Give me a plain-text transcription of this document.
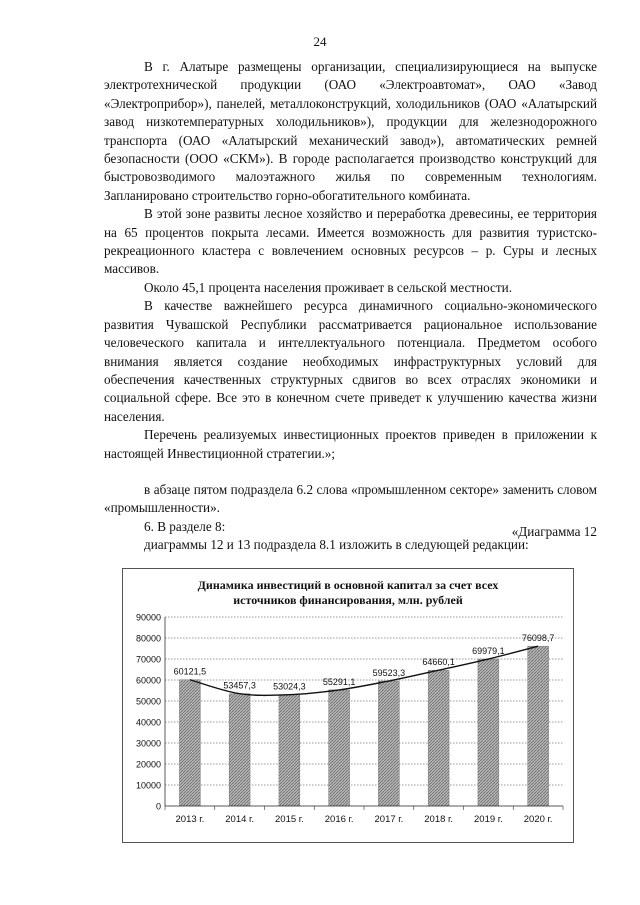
24

В г. Алатыре размещены организации, специализирующиеся на выпуске электротехнической продукции (ОАО «Электроавтомат», ОАО «Завод «Электроприбор»), панелей, металлоконструкций, холодильников (ОАО «Алатырский завод низкотемпературных холодильников»), продукции для железнодорожного транспорта (ОАО «Алатырский механический завод»), автоматических ремней безопасности (ООО «СКМ»). В городе располагается производство конструкций для быстровозводимого малоэтажного жилья по современным технологиям. Запланировано строительство горно-обогатительного комбината.

В этой зоне развиты лесное хозяйство и переработка древесины, ее территория на 65 процентов покрыта лесами. Имеется возможность для развития туристско-рекреационного кластера с вовлечением основных ресурсов – р. Суры и лесных массивов.

Около 45,1 процента населения проживает в сельской местности.

В качестве важнейшего ресурса динамичного социально-экономического развития Чувашской Республики рассматривается рациональное использование человеческого капитала и интеллектуального потенциала. Предметом особого внимания является создание необходимых инфраструктурных условий для обеспечения качественных структурных сдвигов во всех отраслях экономики и социальной сфере. Все это в конечном счете приведет к улучшению качества жизни населения.

Перечень реализуемых инвестиционных проектов приведен в приложении к настоящей Инвестиционной стратегии.»;

в абзаце пятом подраздела 6.2 слова «промышленном секторе» заменить словом «промышленности».

6. В разделе 8:

диаграммы 12 и 13 подраздела 8.1 изложить в следующей редакции:

«Диаграмма 12
Динамика инвестиций в основной капитал за счет всех
источников финансирования, млн. рублей
60121,5
53457,3 53024,3 55291,1
59523,3
64660,1
69979,1
76098,7
0
10000
20000
30000
40000
50000
60000
70000
80000
90000
2013 г. 2014 г. 2015 г. 2016 г. 2017 г. 2018 г. 2019 г. 2020 г.
